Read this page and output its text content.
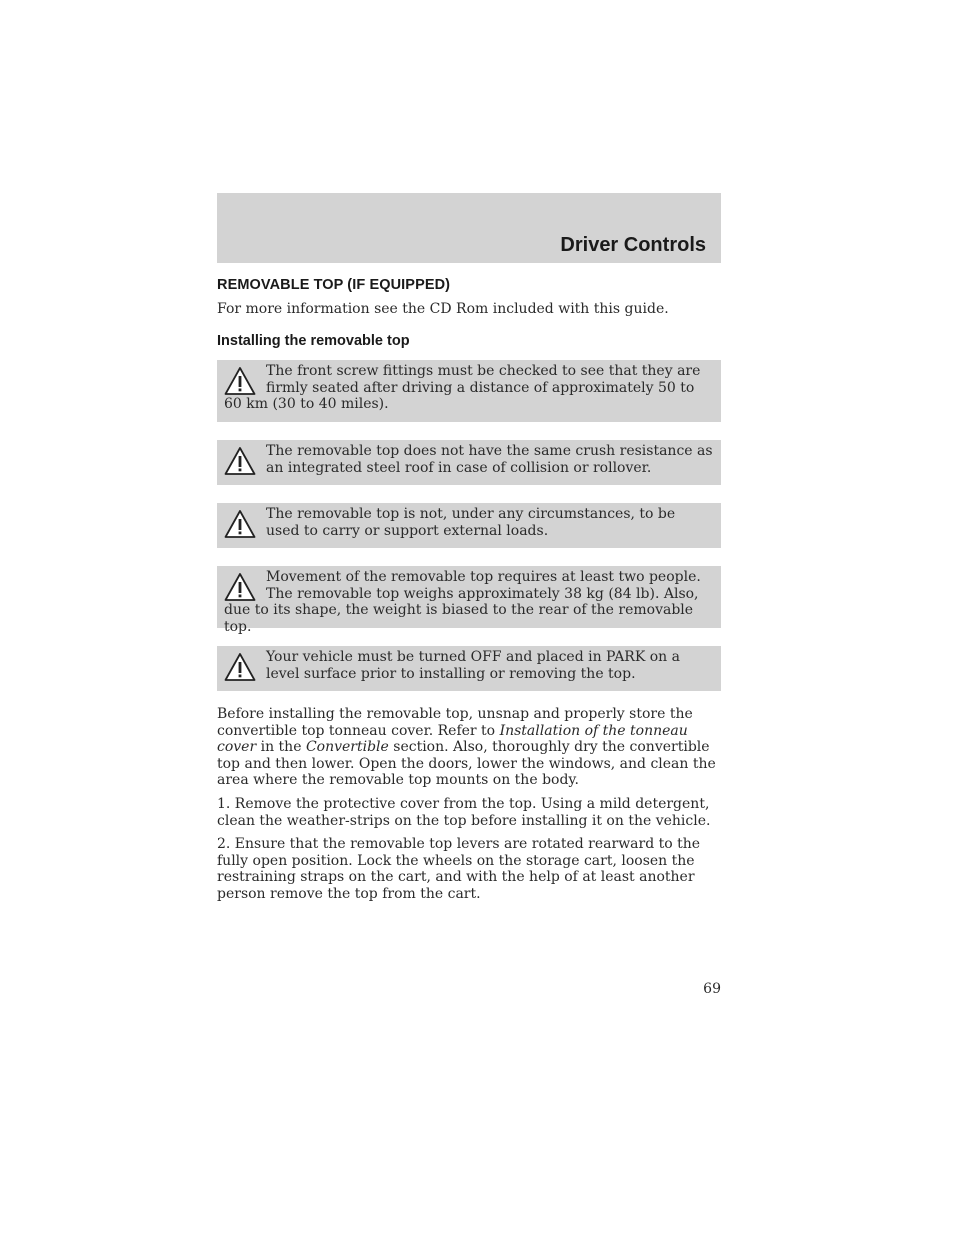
Driver Controls
REMOVABLE TOP (IF EQUIPPED)
For more information see the CD Rom included with this guide.
Installing the removable top
The front screw fittings must be checked to see that they are firmly seated after driving a distance of approximately 50 to 60 km (30 to 40 miles).
The removable top does not have the same crush resistance as an integrated steel roof in case of collision or rollover.
The removable top is not, under any circumstances, to be used to carry or support external loads.
Movement of the removable top requires at least two people. The removable top weighs approximately 38 kg (84 lb). Also, due to its shape, the weight is biased to the rear of the removable top.
Your vehicle must be turned OFF and placed in PARK on a level surface prior to installing or removing the top.
Before installing the removable top, unsnap and properly store the convertible top tonneau cover. Refer to Installation of the tonneau cover in the Convertible section. Also, thoroughly dry the convertible top and then lower. Open the doors, lower the windows, and clean the area where the removable top mounts on the body.
1. Remove the protective cover from the top. Using a mild detergent, clean the weather-strips on the top before installing it on the vehicle.
2. Ensure that the removable top levers are rotated rearward to the fully open position. Lock the wheels on the storage cart, loosen the restraining straps on the cart, and with the help of at least another person remove the top from the cart.
69
